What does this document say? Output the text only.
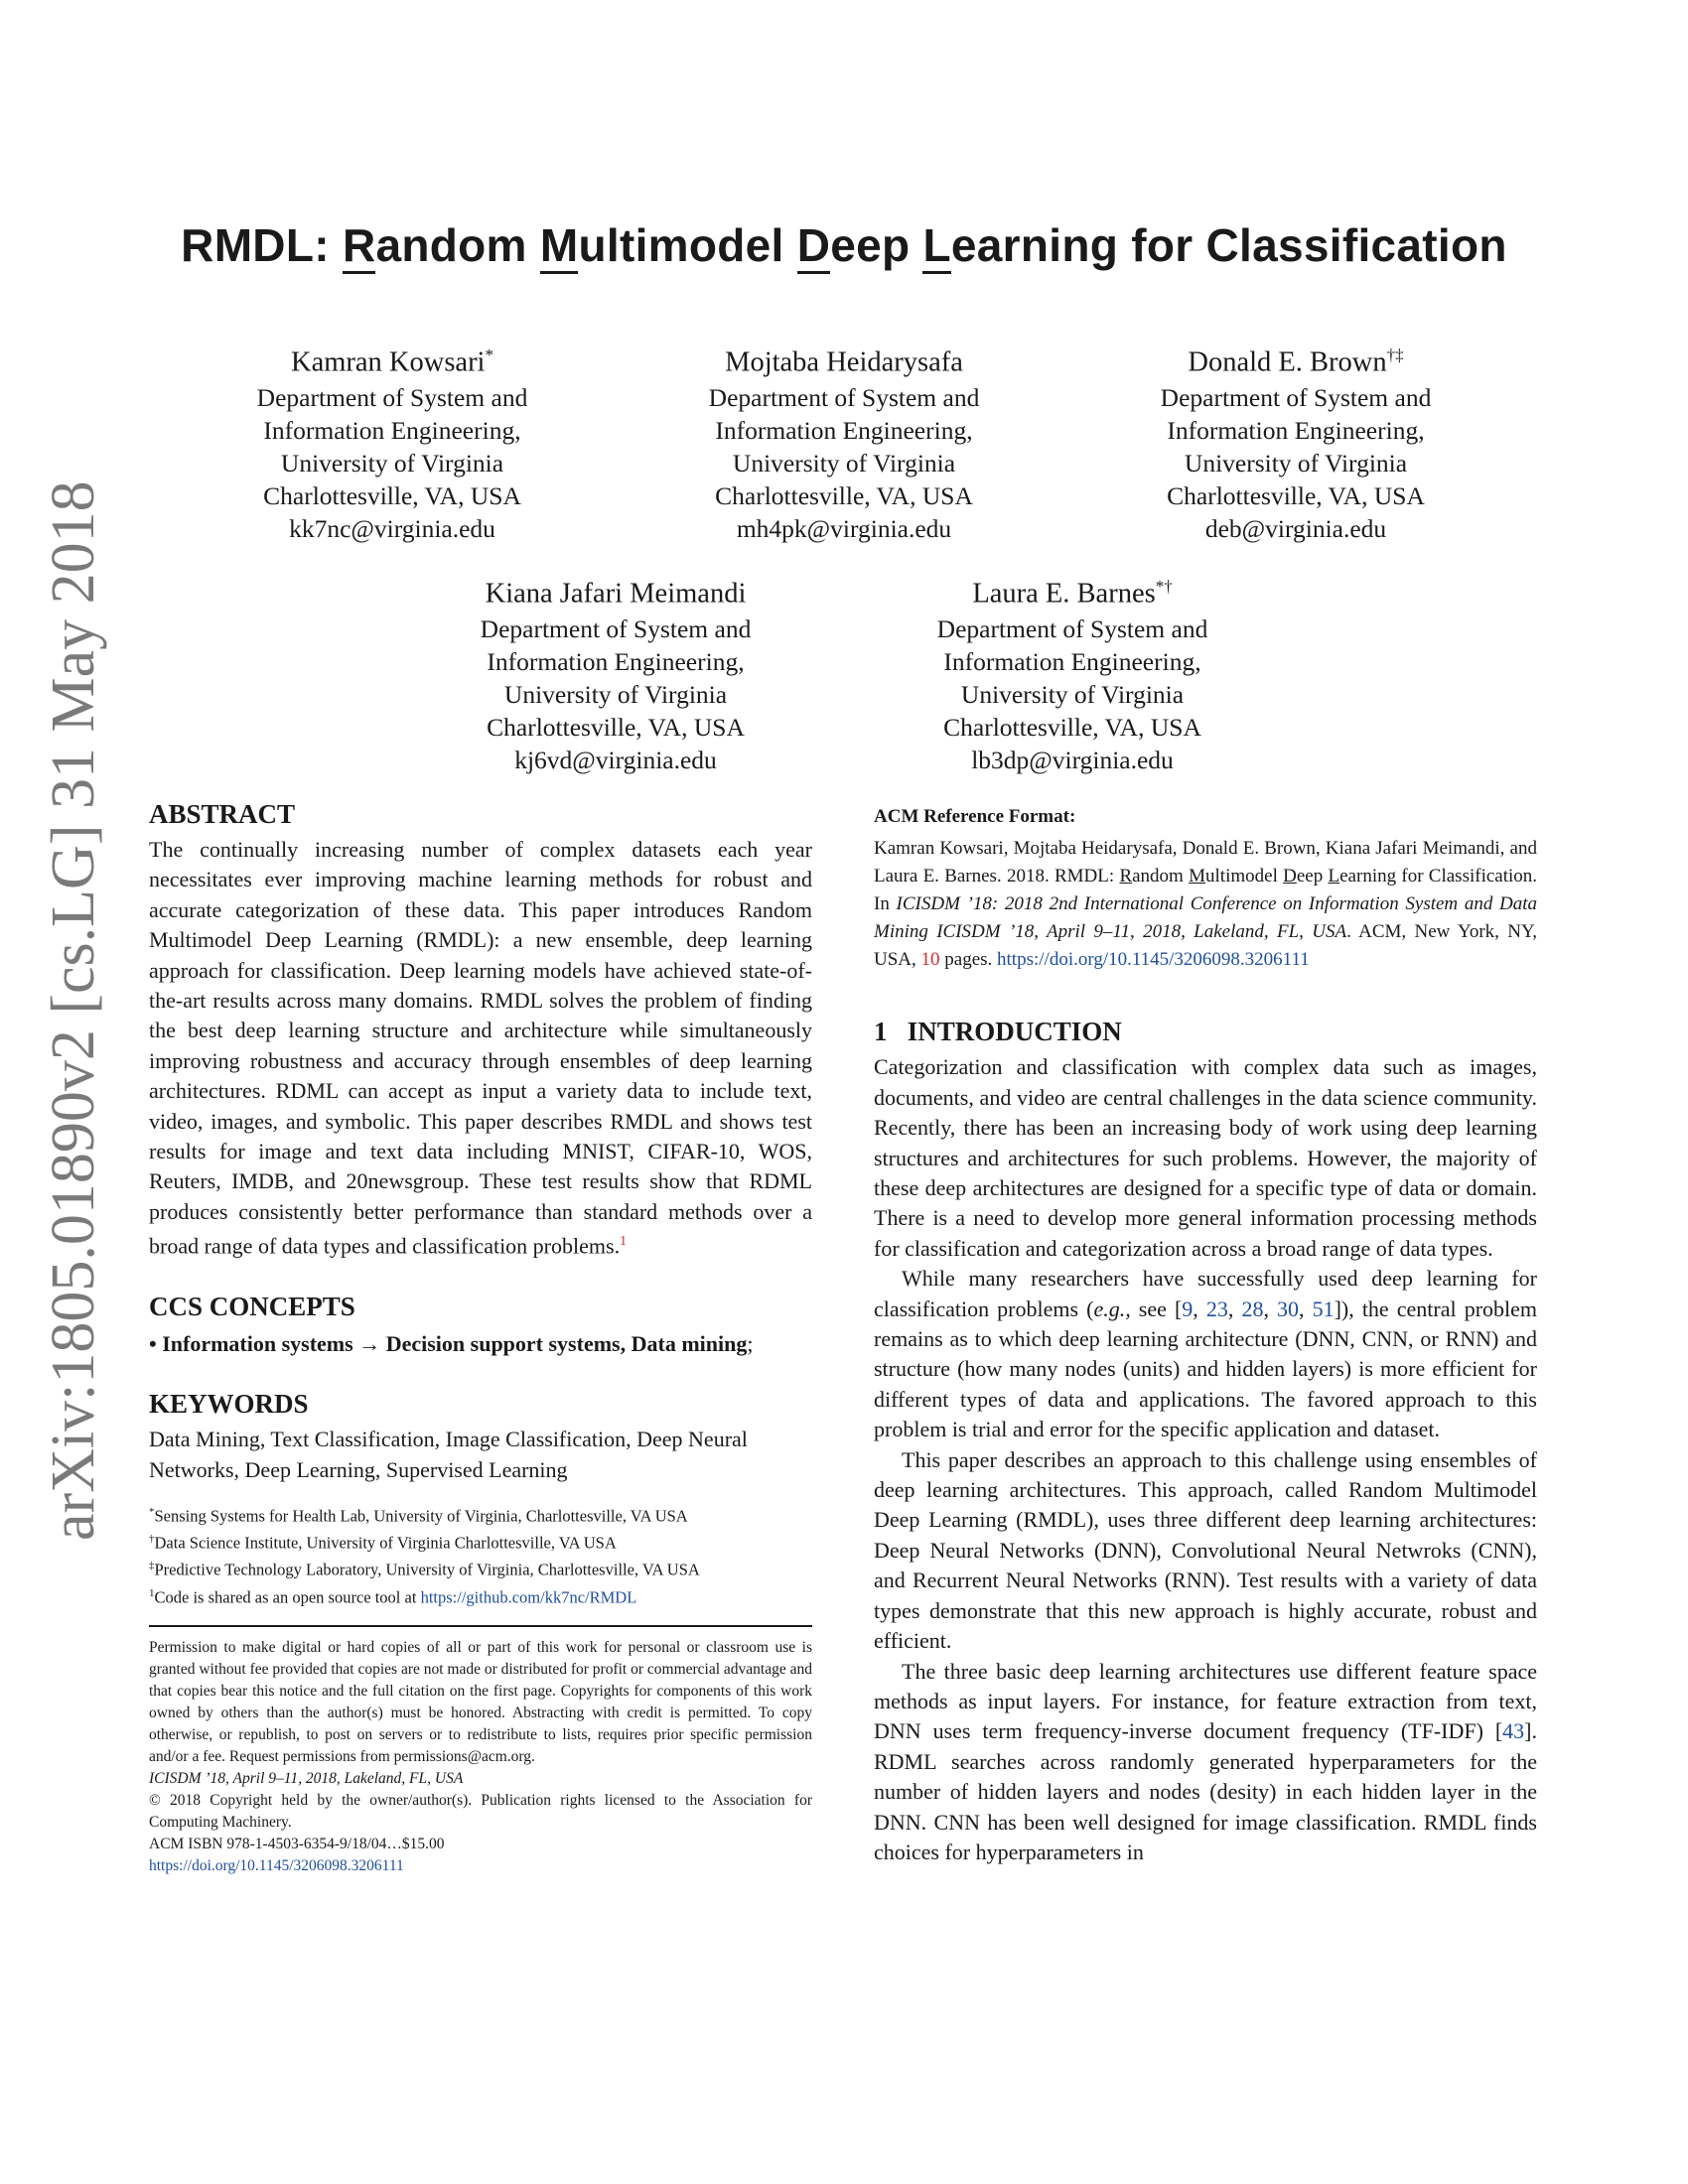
arXiv:1805.01890v2 [cs.LG] 31 May 2018
RMDL: Random Multimodel Deep Learning for Classification
Kamran Kowsari*
Department of System and
Information Engineering,
University of Virginia
Charlottesville, VA, USA
kk7nc@virginia.edu
Mojtaba Heidarysafa
Department of System and
Information Engineering,
University of Virginia
Charlottesville, VA, USA
mh4pk@virginia.edu
Donald E. Brown†‡
Department of System and
Information Engineering,
University of Virginia
Charlottesville, VA, USA
deb@virginia.edu
Kiana Jafari Meimandi
Department of System and
Information Engineering,
University of Virginia
Charlottesville, VA, USA
kj6vd@virginia.edu
Laura E. Barnes*†
Department of System and
Information Engineering,
University of Virginia
Charlottesville, VA, USA
lb3dp@virginia.edu
ABSTRACT

The continually increasing number of complex datasets each year necessitates ever improving machine learning methods for robust and accurate categorization of these data. This paper introduces Random Multimodel Deep Learning (RMDL): a new ensemble, deep learning approach for classification. Deep learning models have achieved state-of-the-art results across many domains. RMDL solves the problem of finding the best deep learning structure and architecture while simultaneously improving robustness and accuracy through ensembles of deep learning architectures. RDML can accept as input a variety data to include text, video, images, and symbolic. This paper describes RMDL and shows test results for image and text data including MNIST, CIFAR-10, WOS, Reuters, IMDB, and 20newsgroup. These test results show that RDML produces consistently better performance than standard methods over a broad range of data types and classification problems.$^1$

CCS CONCEPTS

• Information systems → Decision support systems, Data mining;

KEYWORDS

Data Mining, Text Classification, Image Classification, Deep Neural Networks, Deep Learning, Supervised Learning

*Sensing Systems for Health Lab, University of Virginia, Charlottesville, VA USA
†Data Science Institute, University of Virginia Charlottesville, VA USA
‡Predictive Technology Laboratory, University of Virginia, Charlottesville, VA USA
$^1$Code is shared as an open source tool at https://github.com/kk7nc/RMDL
Permission to make digital or hard copies of all or part of this work for personal or classroom use is granted without fee provided that copies are not made or distributed for profit or commercial advantage and that copies bear this notice and the full citation on the first page. Copyrights for components of this work owned by others than the author(s) must be honored. Abstracting with credit is permitted. To copy otherwise, or republish, to post on servers or to redistribute to lists, requires prior specific permission and/or a fee. Request permissions from permissions@acm.org.
ICISDM ’18, April 9–11, 2018, Lakeland, FL, USA
© 2018 Copyright held by the owner/author(s). Publication rights licensed to the Association for Computing Machinery.
ACM ISBN 978-1-4503-6354-9/18/04…$15.00
https://doi.org/10.1145/3206098.3206111
ACM Reference Format:
Kamran Kowsari, Mojtaba Heidarysafa, Donald E. Brown, Kiana Jafari Meimandi, and Laura E. Barnes. 2018. RMDL: Random Multimodel Deep Learning for Classification. In ICISDM ’18: 2018 2nd International Conference on Information System and Data Mining ICISDM ’18, April 9–11, 2018, Lakeland, FL, USA. ACM, New York, NY, USA, 10 pages. https://doi.org/10.1145/3206098.3206111
1 INTRODUCTION

Categorization and classification with complex data such as images, documents, and video are central challenges in the data science community. Recently, there has been an increasing body of work using deep learning structures and architectures for such problems. However, the majority of these deep architectures are designed for a specific type of data or domain. There is a need to develop more general information processing methods for classification and categorization across a broad range of data types.

While many researchers have successfully used deep learning for classification problems (e.g., see [9, 23, 28, 30, 51]), the central problem remains as to which deep learning architecture (DNN, CNN, or RNN) and structure (how many nodes (units) and hidden layers) is more efficient for different types of data and applications. The favored approach to this problem is trial and error for the specific application and dataset.

This paper describes an approach to this challenge using ensembles of deep learning architectures. This approach, called Random Multimodel Deep Learning (RMDL), uses three different deep learning architectures: Deep Neural Networks (DNN), Convolutional Neural Netwroks (CNN), and Recurrent Neural Networks (RNN). Test results with a variety of data types demonstrate that this new approach is highly accurate, robust and efficient.

The three basic deep learning architectures use different feature space methods as input layers. For instance, for feature extraction from text, DNN uses term frequency-inverse document frequency (TF-IDF) [43]. RDML searches across randomly generated hyperparameters for the number of hidden layers and nodes (desity) in each hidden layer in the DNN. CNN has been well designed for image classification. RMDL finds choices for hyperparameters in
